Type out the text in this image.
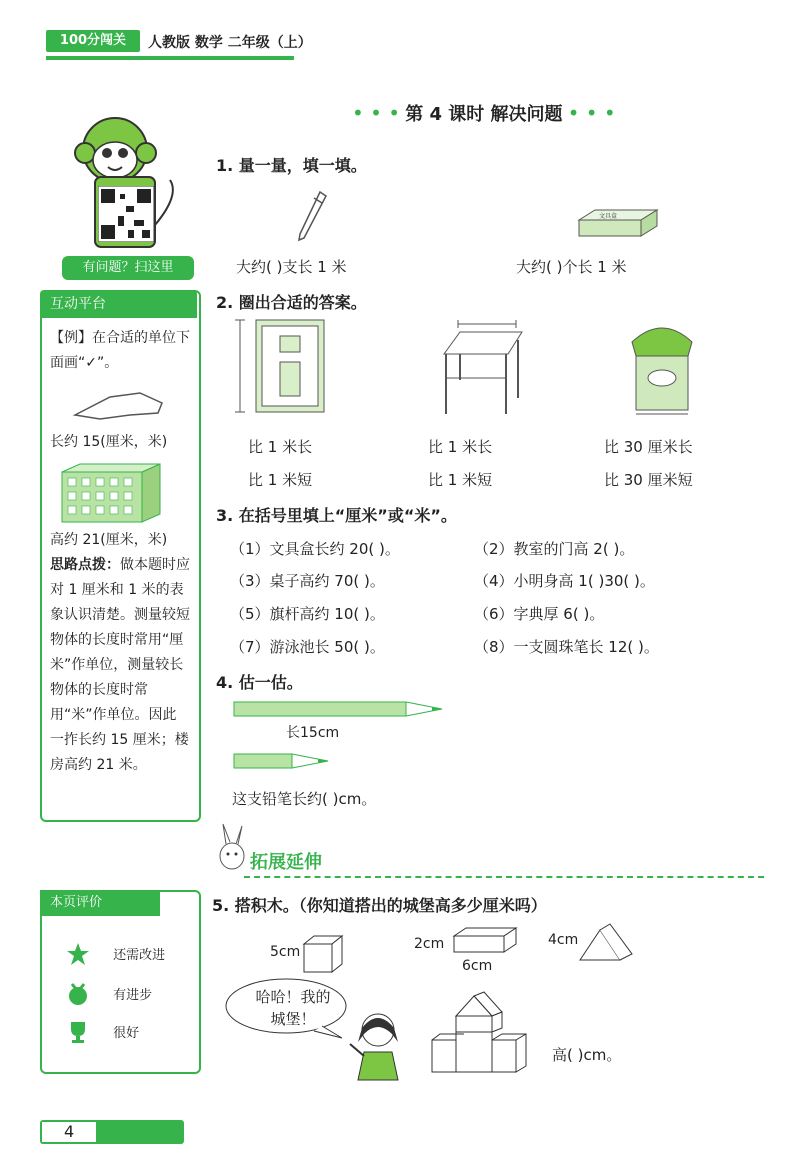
100分闯关	人教版 数学 二年级（上）
• • • 第 4 课时 解决问题 • • •
有问题？扫这里
互动平台
【例】在合适的单位下面画“✓”。
长约 15(厘米，米)
高约 21(厘米，米)
思路点拨：做本题时应对 1 厘米和 1 米的表象认识清楚。测量较短物体的长度时常用“厘米”作单位，测量较长物体的长度时常用“米”作单位。因此一拃长约 15 厘米；楼房高约 21 米。
本页评价
还需改进
有进步
很好
4
1. 量一量，填一填。
文具盒
大约( )支长 1 米	大约( )个长 1 米
2. 圈出合适的答案。
比 1 米长
比 1 米短
比 1 米长
比 1 米短
比 30 厘米长
比 30 厘米短
3. 在括号里填上“厘米”或“米”。
（1）文具盒长约 20( )。	（2）教室的门高 2( )。
（3）桌子高约 70( )。	（4）小明身高 1( )30( )。
（5）旗杆高约 10( )。	（6）字典厚 6( )。
（7）游泳池长 50( )。	（8）一支圆珠笔长 12( )。
4. 估一估。
长15cm
这支铅笔长约( )cm。
拓展延伸
5. 搭积木。（你知道搭出的城堡高多少厘米吗）
5cm	2cm
6cm
4cm
哈哈！我的城堡！
高( )cm。
